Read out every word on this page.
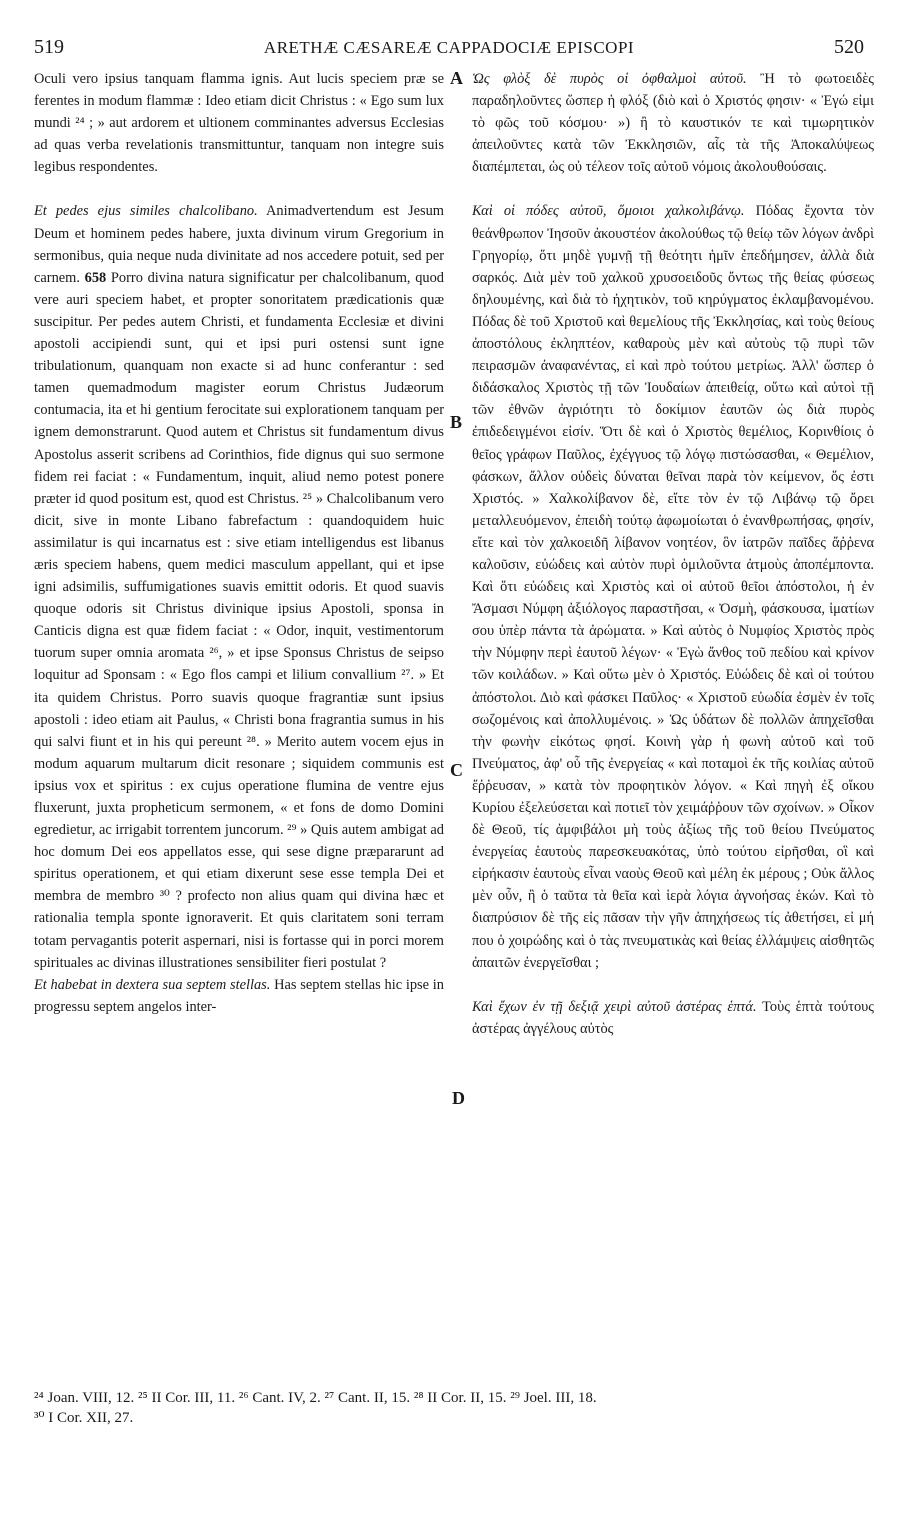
519	ARETHÆ CÆSAREÆ CAPPADOCIÆ EPISCOPI	520

Oculi vero ipsius tanquam flamma ignis. Aut lucis speciem præ se ferentes in modum flammæ : Ideo etiam dicit Christus : « Ego sum lux mundi ²⁴ ; » aut ardorem et ultionem comminantes adversus Ecclesias ad quas verba revelationis transmittuntur, tanquam non integre suis legibus respondentes.

Et pedes ejus similes chalcolibano. Animadvertendum est Jesum Deum et hominem pedes habere, juxta divinum virum Gregorium in sermonibus, quia neque nuda divinitate ad nos accedere potuit, sed per carnem. 658 Porro divina natura significatur per chalcolibanum, quod vere auri speciem habet, et propter sonoritatem prædicationis quæ suscipitur. Per pedes autem Christi, et fundamenta Ecclesiæ et divini apostoli accipiendi sunt, qui et ipsi puri ostensi sunt igne tribulationum, quanquam non exacte si ad hunc conferantur : sed tamen quemadmodum magister eorum Christus Judæorum contumacia, ita et hi gentium ferocitate sui explorationem tanquam per ignem demonstrarunt. Quod autem et Christus sit fundamentum divus Apostolus asserit scribens ad Corinthios, fide dignus qui suo sermone fidem rei faciat : « Fundamentum, inquit, aliud nemo potest ponere præter id quod positum est, quod est Christus. ²⁵ » Chalcolibanum vero dicit, sive in monte Libano fabrefactum : quandoquidem huic assimilatur is qui incarnatus est : sive etiam intelligendus est libanus æris speciem habens, quem medici masculum appellant, qui et ipse igni adsimilis, suffumigationes suavis emittit odoris. Et quod suavis quoque odoris sit Christus divinique ipsius Apostoli, sponsa in Canticis digna est quæ fidem faciat : « Odor, inquit, vestimentorum tuorum super omnia aromata ²⁶, » et ipse Sponsus Christus de seipso loquitur ad Sponsam : « Ego flos campi et lilium convallium ²⁷. » Et ita quidem Christus. Porro suavis quoque fragrantiæ sunt ipsius apostoli : ideo etiam ait Paulus, « Christi bona fragrantia sumus in his qui salvi fiunt et in his qui pereunt ²⁸. » Merito autem vocem ejus in modum aquarum multarum dicit resonare ; siquidem communis est ipsius vox et spiritus : ex cujus operatione flumina de ventre ejus fluxerunt, juxta propheticum sermonem, « et fons de domo Domini egredietur, ac irrigabit torrentem juncorum. ²⁹ » Quis autem ambigat ad hoc domum Dei eos appellatos esse, qui sese digne præpararunt ad spiritus operationem, et qui etiam dixerunt sese esse templa Dei et membra de membro ³⁰ ? profecto non alius quam qui divina hæc et rationalia templa sponte ignoraverit. Et quis claritatem soni terram totam pervagantis poterit aspernari, nisi is fortasse qui in porci morem spirituales ac divinas illustrationes sensibiliter fieri postulat ?

Et habebat in dextera sua septem stellas. Has septem stellas hic ipse in progressu septem angelos inter-

A
B
C
D

Ὡς φλὸξ δὲ πυρὸς οἱ ὀφθαλμοὶ αὐτοῦ. Ἢ τὸ φωτοειδὲς παραδηλοῦντες ὥσπερ ἡ φλόξ (διὸ καὶ ὁ Χριστός φησιν· « Ἐγώ εἰμι τὸ φῶς τοῦ κόσμου· ») ἢ τὸ καυστικόν τε καὶ τιμωρητικὸν ἀπειλοῦντες κατὰ τῶν Ἐκκλησιῶν, αἷς τὰ τῆς Ἀποκαλύψεως διαπέμπεται, ὡς οὐ τέλεον τοῖς αὐτοῦ νόμοις ἀκολουθούσαις.

Καὶ οἱ πόδες αὐτοῦ, ὅμοιοι χαλκολιβάνῳ. Πόδας ἔχοντα τὸν θεάνθρωπον Ἰησοῦν ἀκουστέον ἀκολούθως τῷ θείῳ τῶν λόγων ἀνδρὶ Γρηγορίῳ, ὅτι μηδὲ γυμνῇ τῇ θεότητι ἡμῖν ἐπεδήμησεν, ἀλλὰ διὰ σαρκός. Διὰ μὲν τοῦ χαλκοῦ χρυσοειδοῦς ὄντως τῆς θείας φύσεως δηλουμένης, καὶ διὰ τὸ ἠχητικὸν, τοῦ κηρύγματος ἐκλαμβανομένου. Πόδας δὲ τοῦ Χριστοῦ καὶ θεμελίους τῆς Ἐκκλησίας, καὶ τοὺς θείους ἀποστόλους ἐκληπτέον, καθαροὺς μὲν καὶ αὐτοὺς τῷ πυρὶ τῶν πειρασμῶν ἀναφανέντας, εἰ καὶ πρὸ τούτου μετρίως. Ἀλλ' ὥσπερ ὁ διδάσκαλος Χριστὸς τῇ τῶν Ἰουδαίων ἀπειθείᾳ, οὕτω καὶ αὐτοὶ τῇ τῶν ἐθνῶν ἀγριότητι τὸ δοκίμιον ἑαυτῶν ὡς διὰ πυρὸς ἐπιδεδειγμένοι εἰσίν. Ὅτι δὲ καὶ ὁ Χριστὸς θεμέλιος, Κορινθίοις ὁ θεῖος γράφων Παῦλος, ἐχέγγυος τῷ λόγῳ πιστώσασθαι, « Θεμέλιον, φάσκων, ἄλλον οὐδεὶς δύναται θεῖναι παρὰ τὸν κείμενον, ὅς ἐστι Χριστός. » Χαλκολίβανον δὲ, εἴτε τὸν ἐν τῷ Λιβάνῳ τῷ ὄρει μεταλλευόμενον, ἐπειδὴ τούτῳ ἀφωμοίωται ὁ ἐνανθρωπήσας, φησίν, εἴτε καὶ τὸν χαλκοειδῆ λίβανον νοητέον, ὃν ἰατρῶν παῖδες ἄῤῥενα καλοῦσιν, εὐώδεις καὶ αὐτὸν πυρὶ ὁμιλοῦντα ἀτμοὺς ἀποπέμποντα. Καὶ ὅτι εὐώδεις καὶ Χριστὸς καὶ οἱ αὐτοῦ θεῖοι ἀπόστολοι, ἡ ἐν Ἄσμασι Νύμφη ἀξιόλογος παραστῆσαι, « Ὀσμὴ, φάσκουσα, ἱματίων σου ὑπὲρ πάντα τὰ ἀρώματα. » Καὶ αὐτὸς ὁ Νυμφίος Χριστὸς πρὸς τὴν Νύμφην περὶ ἑαυτοῦ λέγων· « Ἐγὼ ἄνθος τοῦ πεδίου καὶ κρίνον τῶν κοιλάδων. » Καὶ οὕτω μὲν ὁ Χριστός. Εὐώδεις δὲ καὶ οἱ τούτου ἀπόστολοι. Διὸ καὶ φάσκει Παῦλος· « Χριστοῦ εὐωδία ἐσμὲν ἐν τοῖς σωζομένοις καὶ ἀπολλυμένοις. » Ὡς ὑδάτων δὲ πολλῶν ἀπηχεῖσθαι τὴν φωνὴν εἰκότως φησί. Κοινὴ γὰρ ἡ φωνὴ αὐτοῦ καὶ τοῦ Πνεύματος, ἀφ' οὗ τῆς ἐνεργείας « καὶ ποταμοὶ ἐκ τῆς κοιλίας αὐτοῦ ἔῤῥευσαν, » κατὰ τὸν προφητικὸν λόγον. « Καὶ πηγὴ ἐξ οἴκου Κυρίου ἐξελεύσεται καὶ ποτιεῖ τὸν χειμάῤῥουν τῶν σχοίνων. » Οἶκον δὲ Θεοῦ, τίς ἀμφιβάλοι μὴ τοὺς ἀξίως τῆς τοῦ θείου Πνεύματος ἐνεργείας ἑαυτοὺς παρεσκευακότας, ὑπὸ τούτου εἰρῆσθαι, οἳ καὶ εἰρήκασιν ἑαυτοὺς εἶναι ναοὺς Θεοῦ καὶ μέλη ἐκ μέρους ; Οὐκ ἄλλος μὲν οὖν, ἢ ὁ ταῦτα τὰ θεῖα καὶ ἱερὰ λόγια ἀγνοήσας ἑκών. Καὶ τὸ διαπρύσιον δὲ τῆς εἰς πᾶσαν τὴν γῆν ἀπηχήσεως τίς ἀθετήσει, εἰ μή που ὁ χοιρώδης καὶ ὁ τὰς πνευματικὰς καὶ θείας ἐλλάμψεις αἰσθητῶς ἀπαιτῶν ἐνεργεῖσθαι ;

Καὶ ἔχων ἐν τῇ δεξιᾷ χειρὶ αὐτοῦ ἀστέρας ἑπτά. Τοὺς ἑπτὰ τούτους ἀστέρας ἀγγέλους αὐτὸς

²⁴ Joan. VIII, 12. ²⁵ II Cor. III, 11. ²⁶ Cant. IV, 2. ²⁷ Cant. II, 15. ²⁸ II Cor. II, 15. ²⁹ Joel. III, 18.
³⁰ I Cor. XII, 27.
